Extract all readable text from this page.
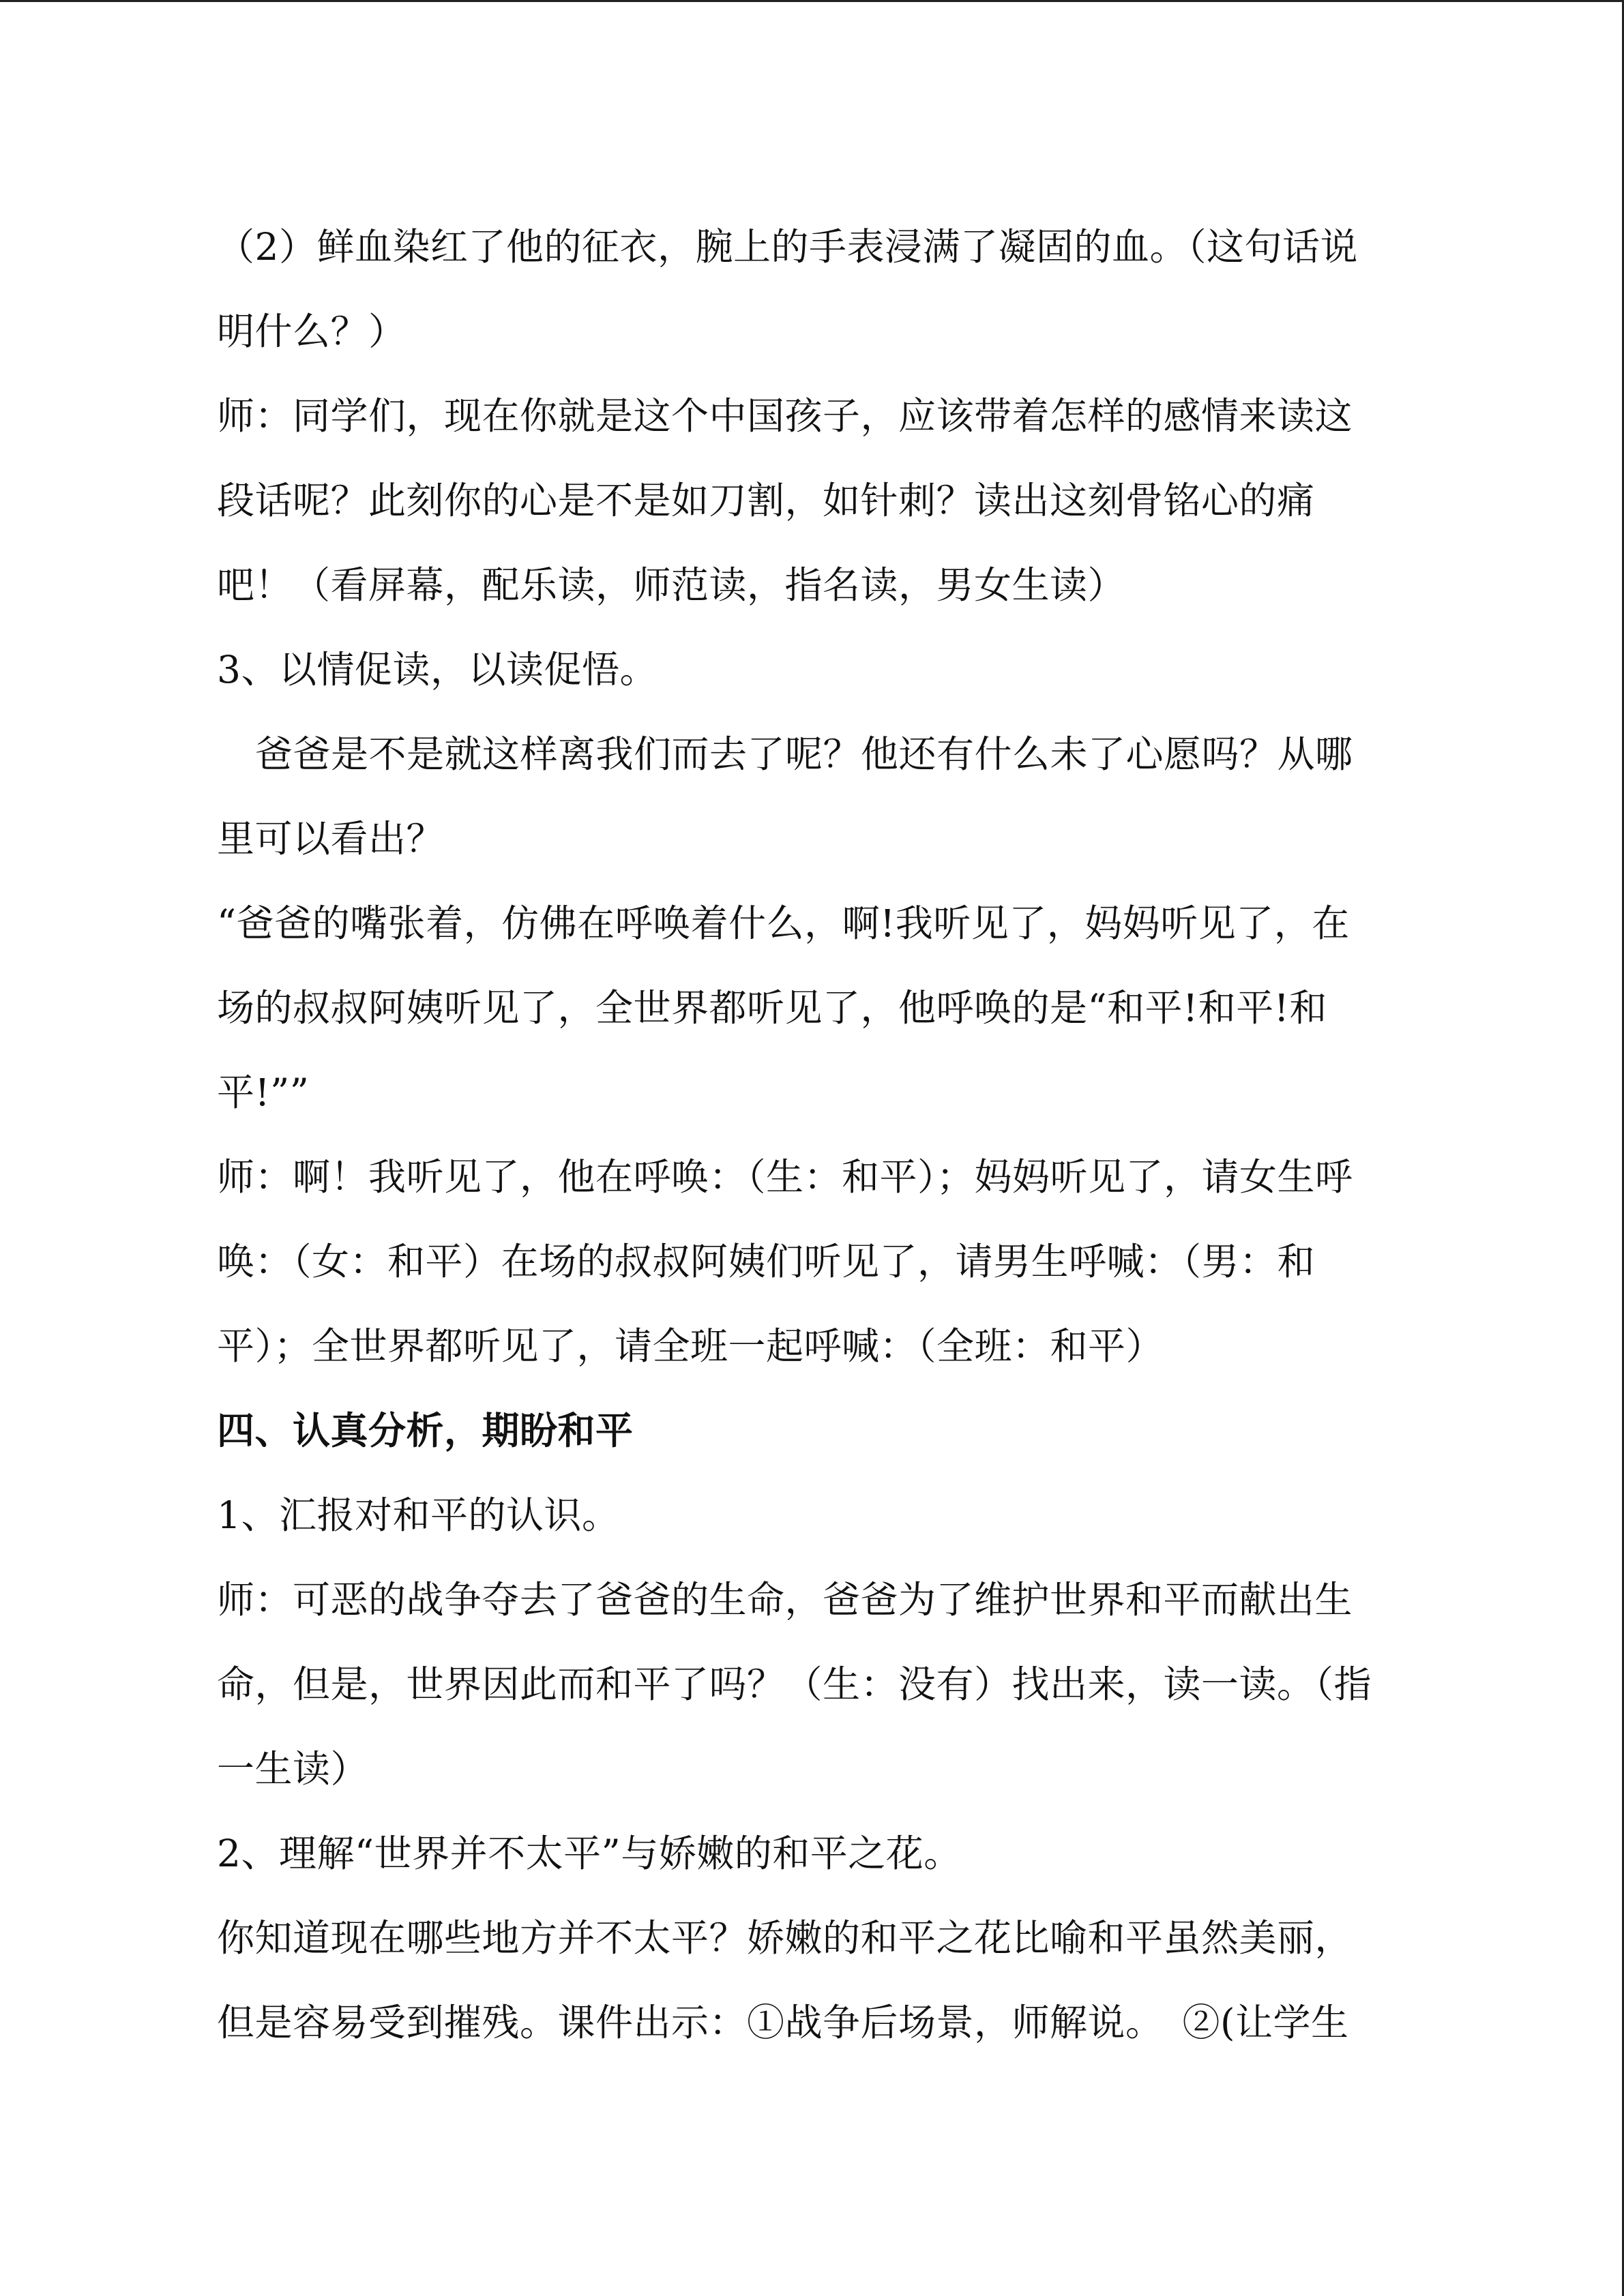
（2）鲜血染红了他的征衣，腕上的手表浸满了凝固的血。（这句话说
明什么？）
师：同学们，现在你就是这个中国孩子，应该带着怎样的感情来读这
段话呢？此刻你的心是不是如刀割，如针刺？读出这刻骨铭心的痛
吧！（看屏幕，配乐读，师范读，指名读，男女生读）
3、以情促读，以读促悟。
爸爸是不是就这样离我们而去了呢？他还有什么未了心愿吗？从哪
里可以看出？
“爸爸的嘴张着，仿佛在呼唤着什么，啊!我听见了，妈妈听见了，在
场的叔叔阿姨听见了，全世界都听见了，他呼唤的是“和平!和平!和
平!””
师：啊！我听见了，他在呼唤：（生：和平）；妈妈听见了，请女生呼
唤：（女：和平）在场的叔叔阿姨们听见了，请男生呼喊：（男：和
平）；全世界都听见了，请全班一起呼喊：（全班：和平）
四、认真分析，期盼和平
1、汇报对和平的认识。
师：可恶的战争夺去了爸爸的生命，爸爸为了维护世界和平而献出生
命，但是，世界因此而和平了吗？（生：没有）找出来，读一读。（指
一生读）
2、理解“世界并不太平”与娇嫩的和平之花。
你知道现在哪些地方并不太平？娇嫩的和平之花比喻和平虽然美丽，
但是容易受到摧残。课件出示：①战争后场景，师解说。　②(让学生
